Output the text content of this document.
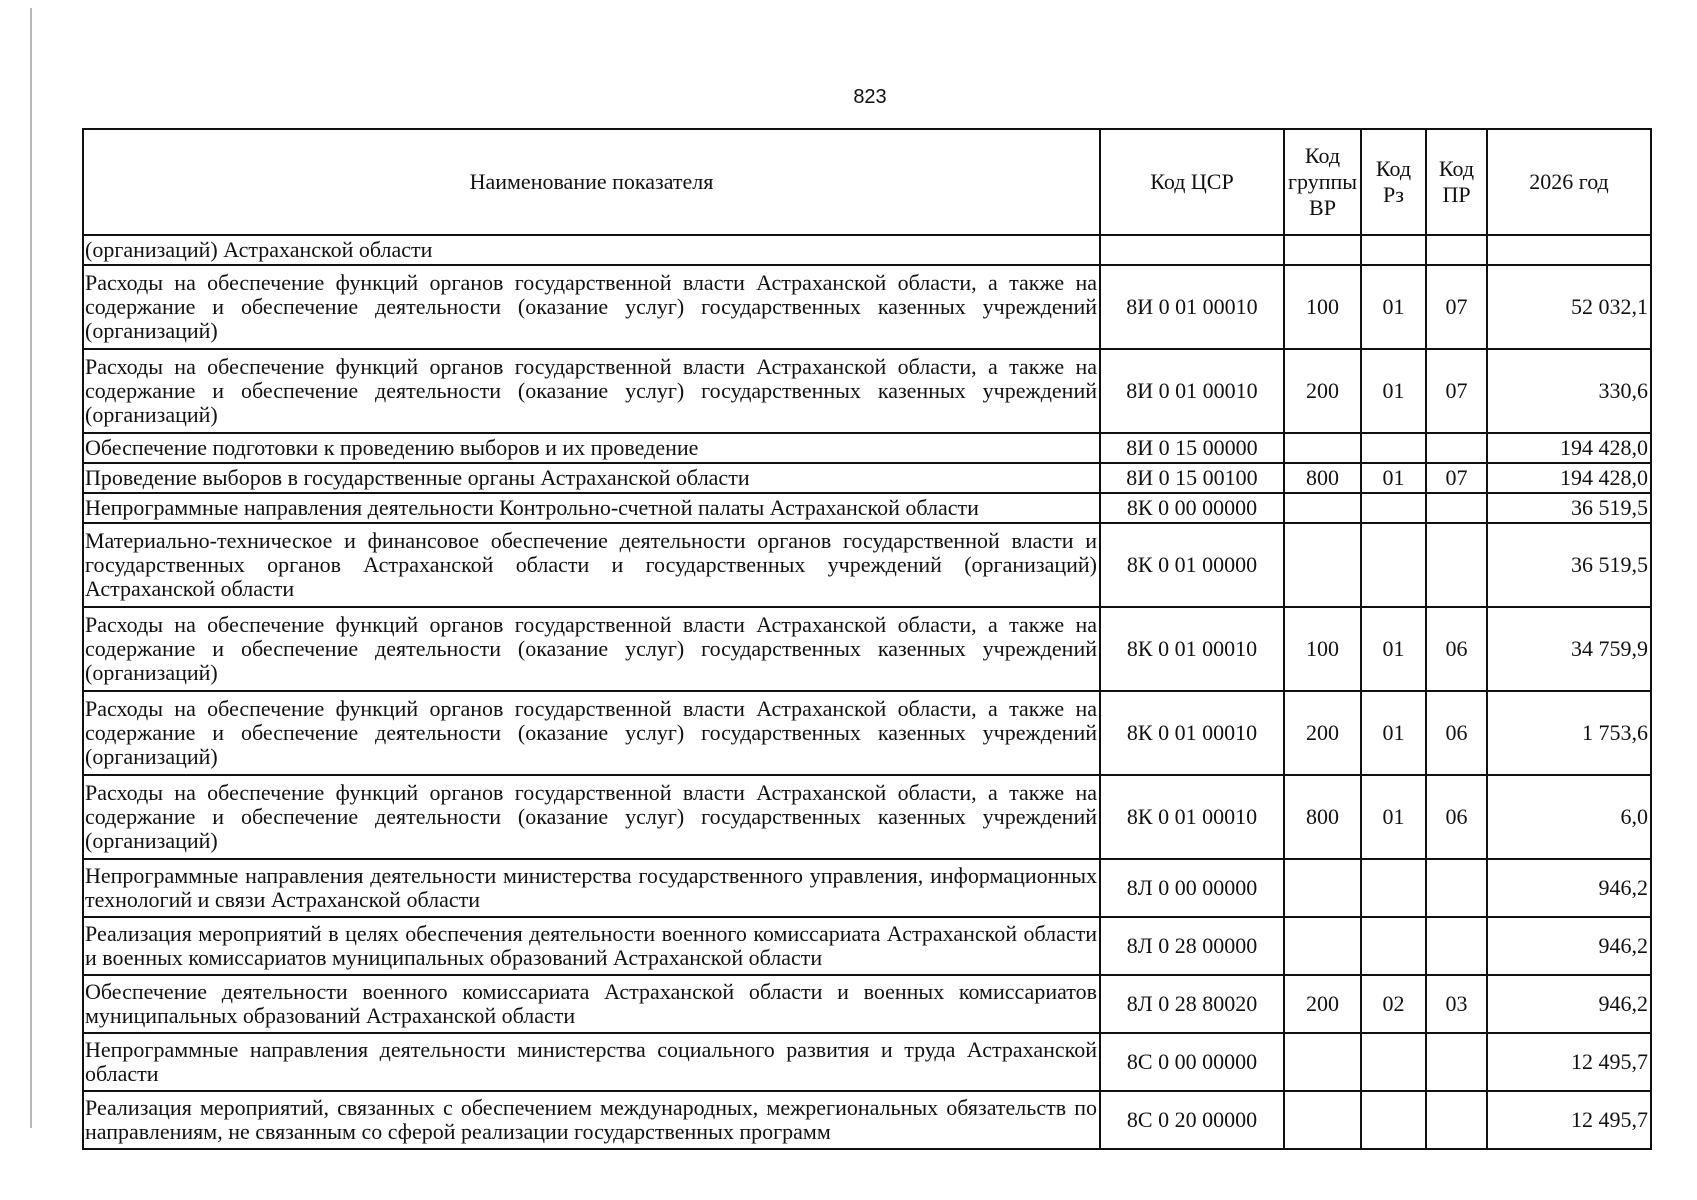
823
Наименование показателя	Код ЦСР	Код группы ВР	Код Рз	Код ПР	2026 год
(организаций) Астраханской области					
Расходы на обеспечение функций органов государственной власти Астраханской области, а также на содержание и обеспечение деятельности (оказание услуг) государственных казенных учреждений (организаций)	8И 0 01 00010	100	01	07	52 032,1
Расходы на обеспечение функций органов государственной власти Астраханской области, а также на содержание и обеспечение деятельности (оказание услуг) государственных казенных учреждений (организаций)	8И 0 01 00010	200	01	07	330,6
Обеспечение подготовки к проведению выборов и их проведение	8И 0 15 00000				194 428,0
Проведение выборов в государственные органы Астраханской области	8И 0 15 00100	800	01	07	194 428,0
Непрограммные направления деятельности Контрольно-счетной палаты Астраханской области	8К 0 00 00000				36 519,5
Материально-техническое и финансовое обеспечение деятельности органов государственной власти и государственных органов Астраханской области и государственных учреждений (организаций) Астраханской области	8К 0 01 00000				36 519,5
Расходы на обеспечение функций органов государственной власти Астраханской области, а также на содержание и обеспечение деятельности (оказание услуг) государственных казенных учреждений (организаций)	8К 0 01 00010	100	01	06	34 759,9
Расходы на обеспечение функций органов государственной власти Астраханской области, а также на содержание и обеспечение деятельности (оказание услуг) государственных казенных учреждений (организаций)	8К 0 01 00010	200	01	06	1 753,6
Расходы на обеспечение функций органов государственной власти Астраханской области, а также на содержание и обеспечение деятельности (оказание услуг) государственных казенных учреждений (организаций)	8К 0 01 00010	800	01	06	6,0
Непрограммные направления деятельности министерства государственного управления, информационных технологий и связи Астраханской области	8Л 0 00 00000				946,2
Реализация мероприятий в целях обеспечения деятельности военного комиссариата Астраханской области и военных комиссариатов муниципальных образований Астраханской области	8Л 0 28 00000				946,2
Обеспечение деятельности военного комиссариата Астраханской области и военных комиссариатов муниципальных образований Астраханской области	8Л 0 28 80020	200	02	03	946,2
Непрограммные направления деятельности министерства социального развития и труда Астраханской области	8С 0 00 00000				12 495,7
Реализация мероприятий, связанных с обеспечением международных, межрегиональных обязательств по направлениям, не связанным со сферой реализации государственных программ	8С 0 20 00000				12 495,7
